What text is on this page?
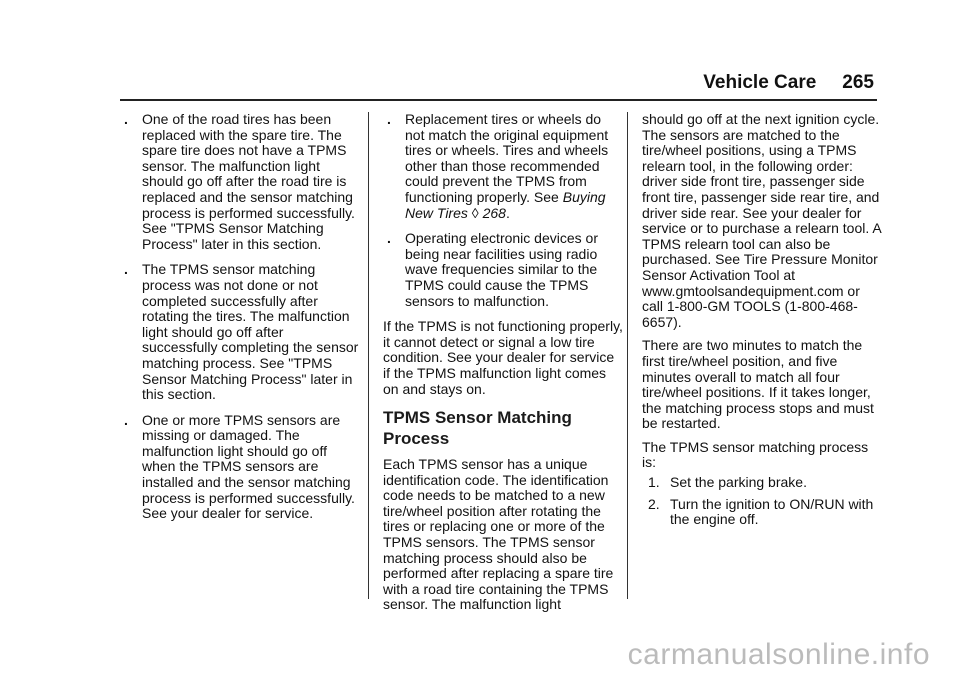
Vehicle Care 265
. One of the road tires has been replaced with the spare tire. The spare tire does not have a TPMS sensor. The malfunction light should go off after the road tire is replaced and the sensor matching process is performed successfully. See "TPMS Sensor Matching Process" later in this section.
. The TPMS sensor matching process was not done or not completed successfully after rotating the tires. The malfunction light should go off after successfully completing the sensor matching process. See "TPMS Sensor Matching Process" later in this section.
. One or more TPMS sensors are missing or damaged. The malfunction light should go off when the TPMS sensors are installed and the sensor matching process is performed successfully. See your dealer for service.
. Replacement tires or wheels do not match the original equipment tires or wheels. Tires and wheels other than those recommended could prevent the TPMS from functioning properly. See Buying New Tires ◊ 268.
. Operating electronic devices or being near facilities using radio wave frequencies similar to the TPMS could cause the TPMS sensors to malfunction.

If the TPMS is not functioning properly, it cannot detect or signal a low tire condition. See your dealer for service if the TPMS malfunction light comes on and stays on.

TPMS Sensor Matching Process

Each TPMS sensor has a unique identification code. The identification code needs to be matched to a new tire/wheel position after rotating the tires or replacing one or more of the TPMS sensors. The TPMS sensor matching process should also be performed after replacing a spare tire with a road tire containing the TPMS sensor. The malfunction light

should go off at the next ignition cycle. The sensors are matched to the tire/wheel positions, using a TPMS relearn tool, in the following order: driver side front tire, passenger side front tire, passenger side rear tire, and driver side rear. See your dealer for service or to purchase a relearn tool. A TPMS relearn tool can also be purchased. See Tire Pressure Monitor Sensor Activation Tool at www.gmtoolsandequipment.com or call 1-800-GM TOOLS (1-800-468-6657).

There are two minutes to match the first tire/wheel position, and five minutes overall to match all four tire/wheel positions. If it takes longer, the matching process stops and must be restarted.

The TPMS sensor matching process is:

1. Set the parking brake.
2. Turn the ignition to ON/RUN with the engine off.
carmanualsonline.info
